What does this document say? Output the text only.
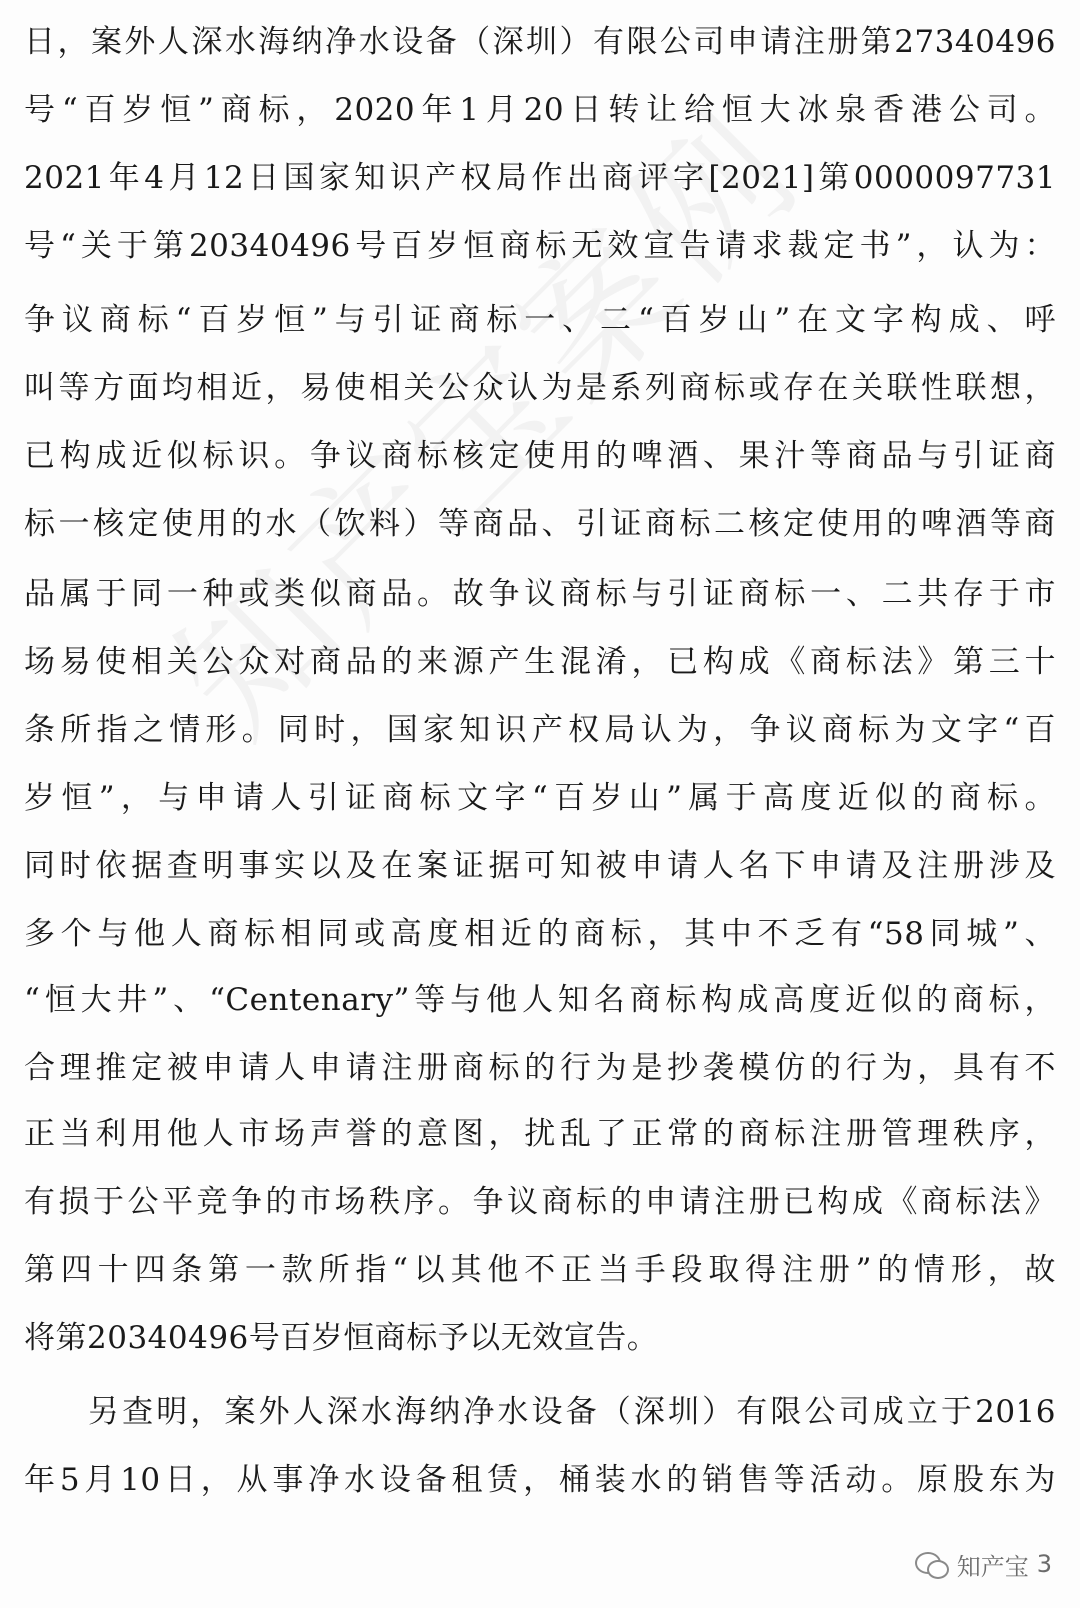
日，案外人深水海纳净水设备（深圳）有限公司申请注册第27340496
号“百岁恒”商标，2020年1月20日转让给恒大冰泉香港公司。
2021年4月12日国家知识产权局作出商评字[2021]第0000097731
号“关于第20340496号百岁恒商标无效宣告请求裁定书”，认为：
争议商标“百岁恒”与引证商标一、二“百岁山”在文字构成、呼
叫等方面均相近，易使相关公众认为是系列商标或存在关联性联想，
已构成近似标识。争议商标核定使用的啤酒、果汁等商品与引证商
标一核定使用的水（饮料）等商品、引证商标二核定使用的啤酒等商
品属于同一种或类似商品。故争议商标与引证商标一、二共存于市
场易使相关公众对商品的来源产生混淆，已构成《商标法》第三十
条所指之情形。同时，国家知识产权局认为，争议商标为文字“百
岁恒”，与申请人引证商标文字“百岁山”属于高度近似的商标。
同时依据查明事实以及在案证据可知被申请人名下申请及注册涉及
多个与他人商标相同或高度相近的商标，其中不乏有“58同城”、
“恒大井”、“Centenary”等与他人知名商标构成高度近似的商标，
合理推定被申请人申请注册商标的行为是抄袭模仿的行为，具有不
正当利用他人市场声誉的意图，扰乱了正常的商标注册管理秩序，
有损于公平竞争的市场秩序。争议商标的申请注册已构成《商标法》
第四十四条第一款所指“以其他不正当手段取得注册”的情形，故
将第20340496号百岁恒商标予以无效宣告。
另查明，案外人深水海纳净水设备（深圳）有限公司成立于2016
年5月10日，从事净水设备租赁，桶装水的销售等活动。原股东为
知产宝 3
